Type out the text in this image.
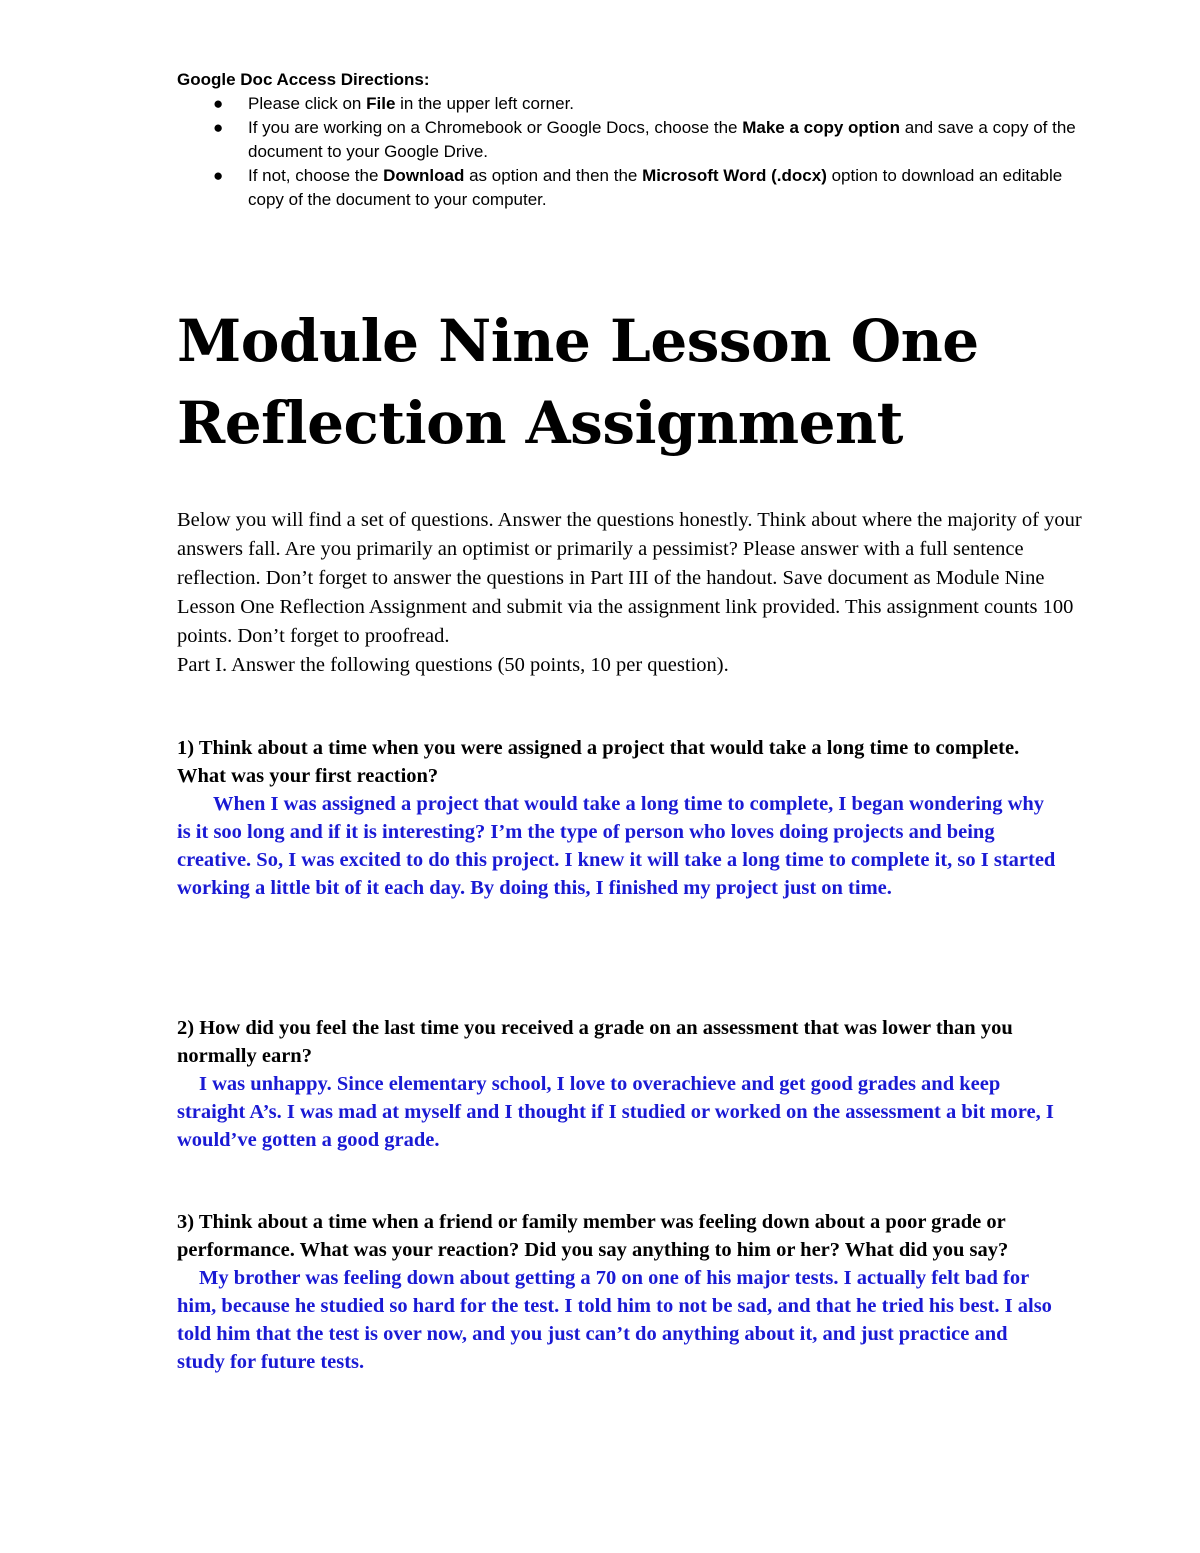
Google Doc Access Directions:

● Please click on File in the upper left corner.
● If you are working on a Chromebook or Google Docs, choose the Make a copy option and save a copy of the document to your Google Drive.
● If not, choose the Download as option and then the Microsoft Word (.docx) option to download an editable copy of the document to your computer.
Module Nine Lesson One
Reflection Assignment

Below you will find a set of questions. Answer the questions honestly. Think about where the majority of your answers fall. Are you primarily an optimist or primarily a pessimist? Please answer with a full sentence reflection. Don’t forget to answer the questions in Part III of the handout. Save document as Module Nine Lesson One Reflection Assignment and submit via the assignment link provided. This assignment counts 100 points. Don’t forget to proofread.

Part I. Answer the following questions (50 points, 10 per question).

1) Think about a time when you were assigned a project that would take a long time to complete. What was your first reaction?

When I was assigned a project that would take a long time to complete, I began wondering why is it soo long and if it is interesting? I’m the type of person who loves doing projects and being creative. So, I was excited to do this project. I knew it will take a long time to complete it, so I started working a little bit of it each day. By doing this, I finished my project just on time.

2) How did you feel the last time you received a grade on an assessment that was lower than you normally earn?

I was unhappy. Since elementary school, I love to overachieve and get good grades and keep straight A’s. I was mad at myself and I thought if I studied or worked on the assessment a bit more, I would’ve gotten a good grade.

3) Think about a time when a friend or family member was feeling down about a poor grade or performance. What was your reaction? Did you say anything to him or her? What did you say?

My brother was feeling down about getting a 70 on one of his major tests. I actually felt bad for him, because he studied so hard for the test. I told him to not be sad, and that he tried his best. I also told him that the test is over now, and you just can’t do anything about it, and just practice and study for future tests.
